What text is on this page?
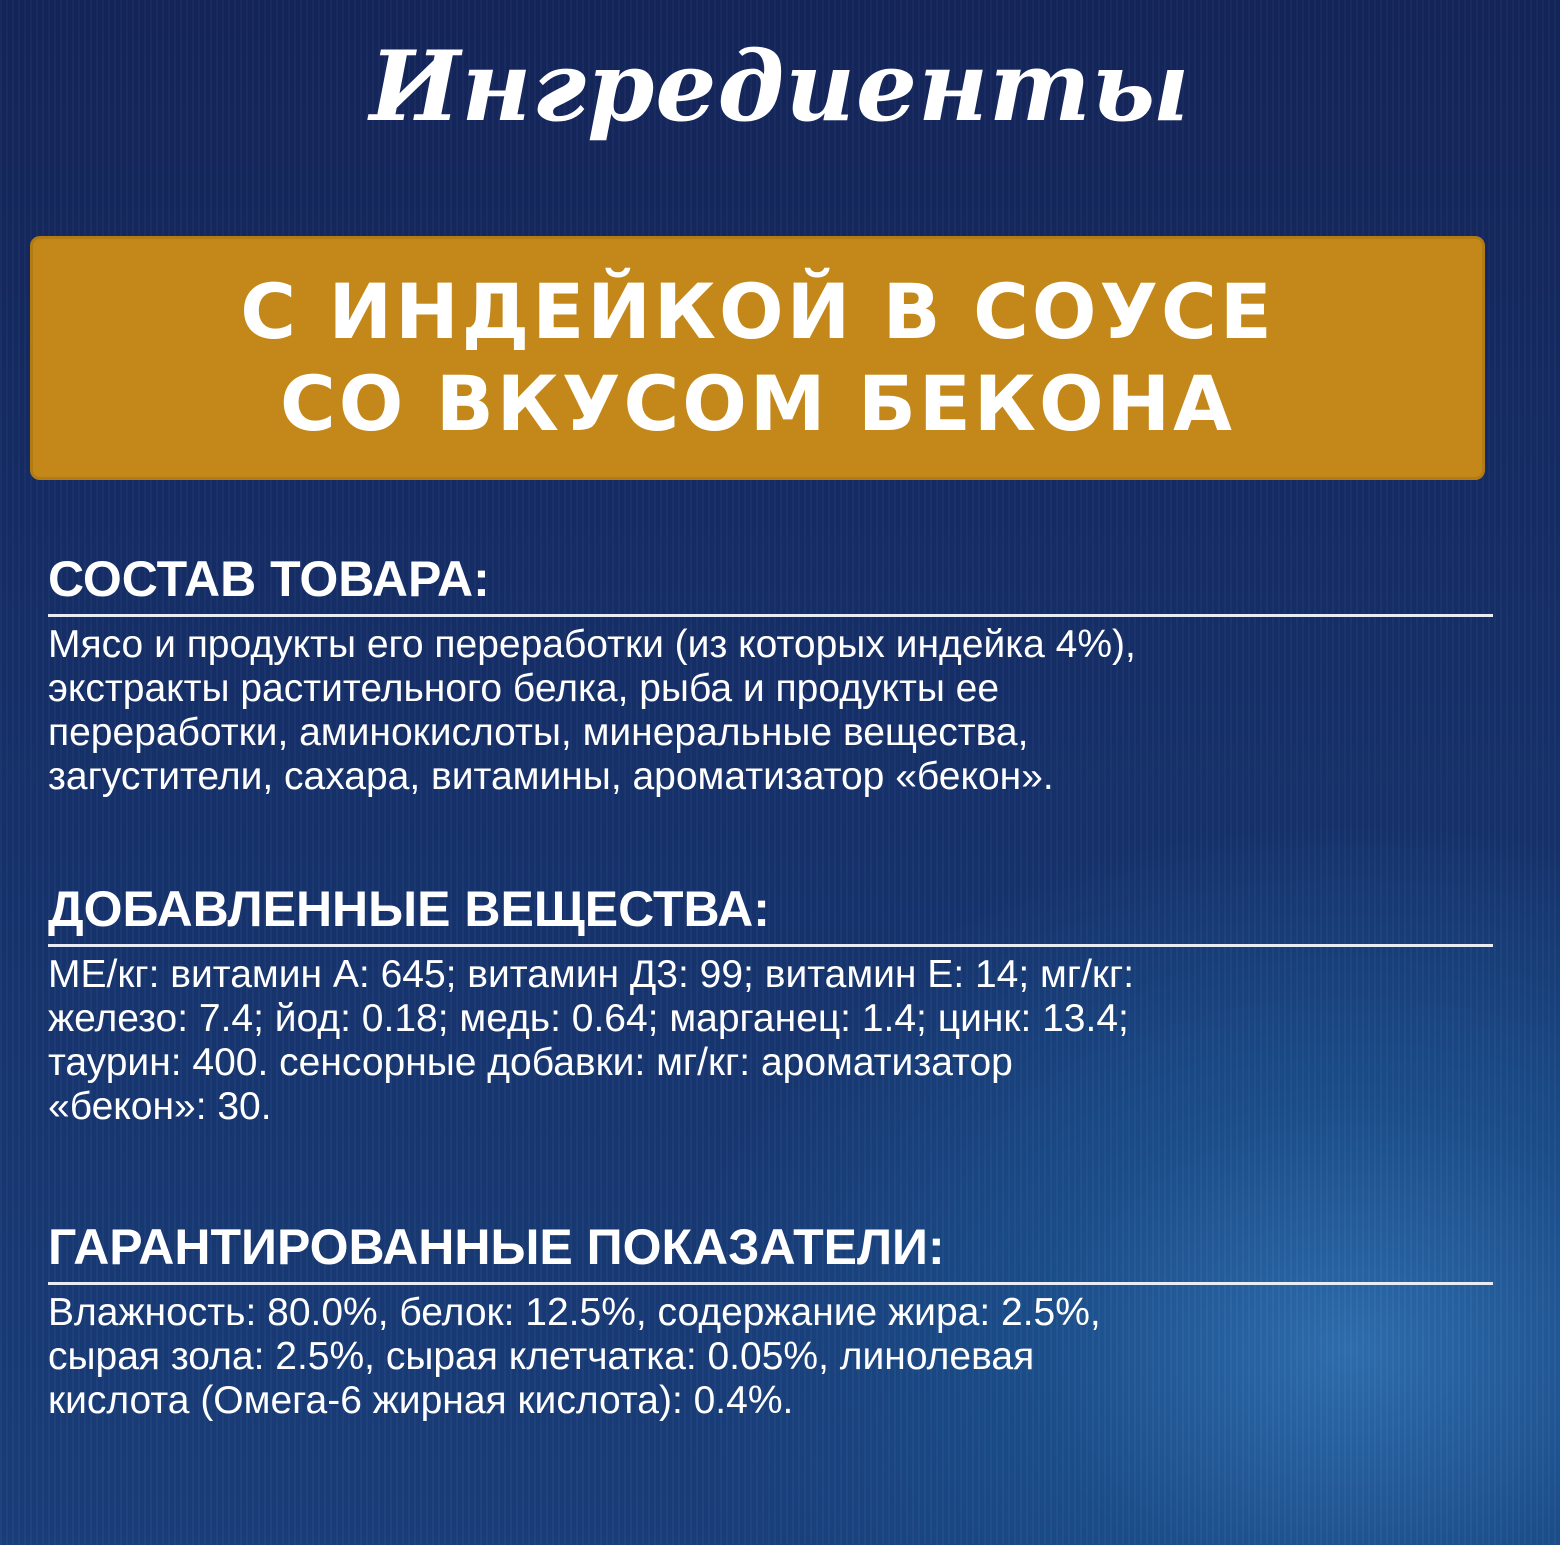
Ингредиенты
С ИНДЕЙКОЙ В СОУСЕ
СО ВКУСОМ БЕКОНА
СОСТАВ ТОВАРА:
Мясо и продукты его переработки (из которых индейка 4%),
экстракты растительного белка, рыба и продукты ее
переработки, аминокислоты, минеральные вещества,
загустители, сахара, витамины, ароматизатор «бекон».
ДОБАВЛЕННЫЕ ВЕЩЕСТВА:
МЕ/кг: витамин А: 645; витамин Д3: 99; витамин Е: 14; мг/кг:
железо: 7.4; йод: 0.18; медь: 0.64; марганец: 1.4; цинк: 13.4;
таурин: 400. сенсорные добавки: мг/кг: ароматизатор
«бекон»: 30.
ГАРАНТИРОВАННЫЕ ПОКАЗАТЕЛИ:
Влажность: 80.0%, белок: 12.5%, содержание жира: 2.5%,
сырая зола: 2.5%, сырая клетчатка: 0.05%, линолевая
кислота (Омега-6 жирная кислота): 0.4%.
